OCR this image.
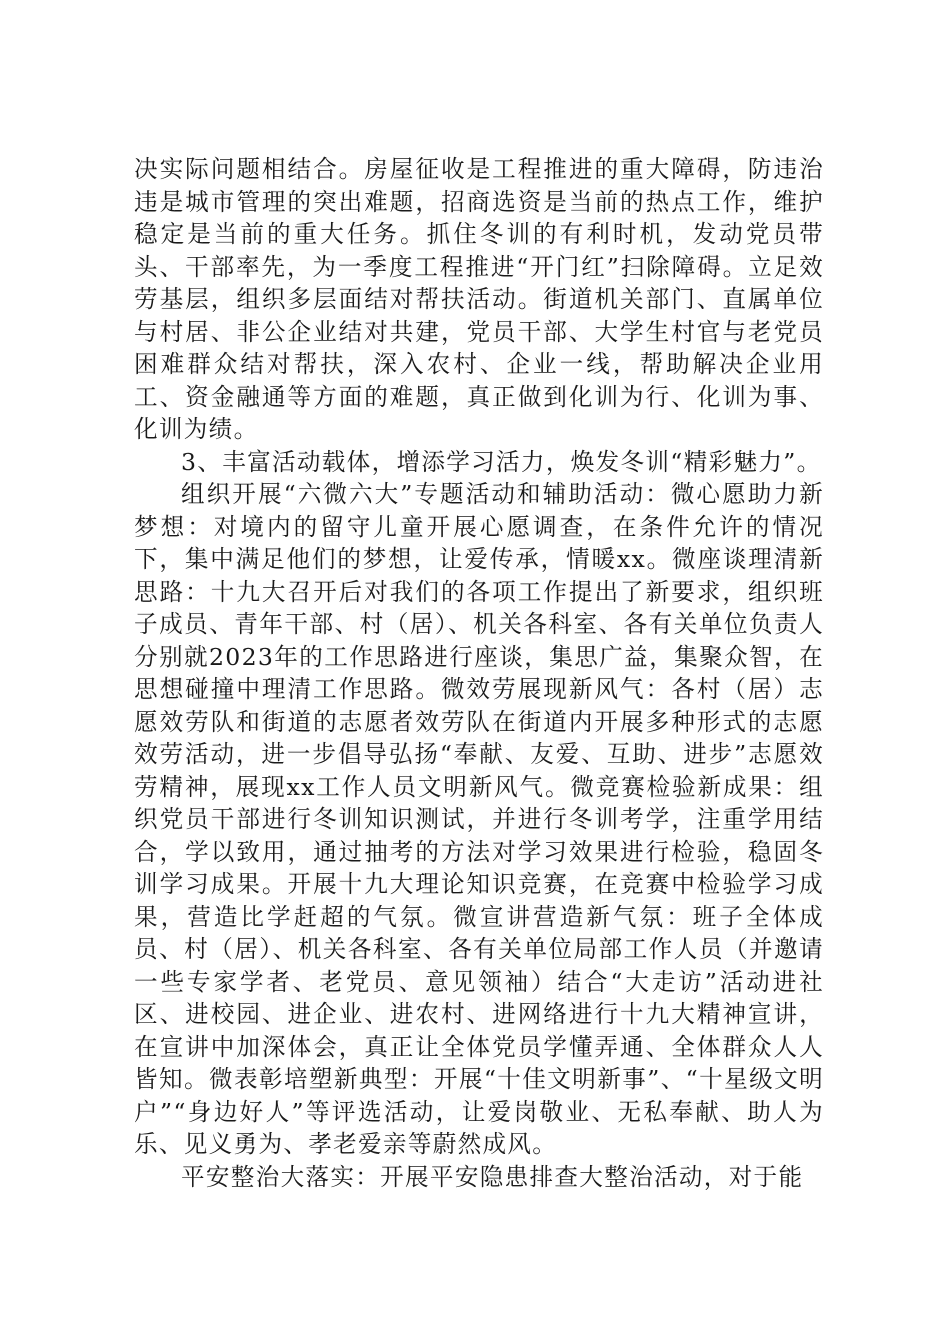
决实际问题相结合。房屋征收是工程推进的重大障碍，防违治违是城市管理的突出难题，招商选资是当前的热点工作，维护稳定是当前的重大任务。抓住冬训的有利时机，发动党员带头、干部率先，为一季度工程推进“开门红”扫除障碍。立足效劳基层，组织多层面结对帮扶活动。街道机关部门、直属单位与村居、非公企业结对共建，党员干部、大学生村官与老党员困难群众结对帮扶，深入农村、企业一线，帮助解决企业用工、资金融通等方面的难题，真正做到化训为行、化训为事、化训为绩。

3、丰富活动载体，增添学习活力，焕发冬训“精彩魅力”。

组织开展“六微六大”专题活动和辅助活动：微心愿助力新梦想：对境内的留守儿童开展心愿调查，在条件允许的情况下，集中满足他们的梦想，让爱传承，情暖xx。微座谈理清新思路：十九大召开后对我们的各项工作提出了新要求，组织班子成员、青年干部、村（居）、机关各科室、各有关单位负责人分别就2023年的工作思路进行座谈，集思广益，集聚众智，在思想碰撞中理清工作思路。微效劳展现新风气：各村（居）志愿效劳队和街道的志愿者效劳队在街道内开展多种形式的志愿效劳活动，进一步倡导弘扬“奉献、友爱、互助、进步”志愿效劳精神，展现xx工作人员文明新风气。微竞赛检验新成果：组织党员干部进行冬训知识测试，并进行冬训考学，注重学用结合，学以致用，通过抽考的方法对学习效果进行检验，稳固冬训学习成果。开展十九大理论知识竞赛，在竞赛中检验学习成果，营造比学赶超的气氛。微宣讲营造新气氛：班子全体成员、村（居）、机关各科室、各有关单位局部工作人员（并邀请一些专家学者、老党员、意见领袖）结合“大走访”活动进社区、进校园、进企业、进农村、进网络进行十九大精神宣讲，在宣讲中加深体会，真正让全体党员学懂弄通、全体群众人人皆知。微表彰培塑新典型：开展“十佳文明新事”、“十星级文明户”“身边好人”等评选活动，让爱岗敬业、无私奉献、助人为乐、见义勇为、孝老爱亲等蔚然成风。

平安整治大落实：开展平安隐患排查大整治活动，对于能
